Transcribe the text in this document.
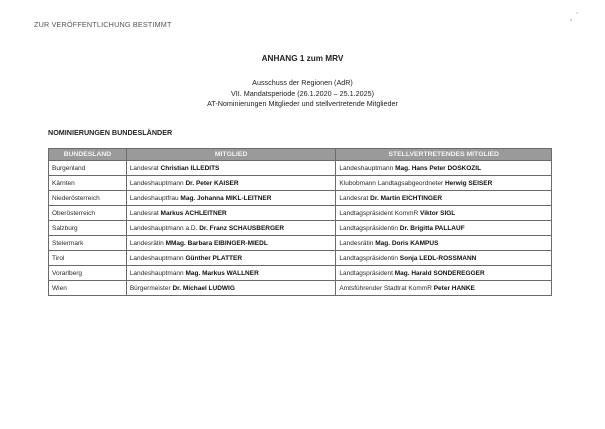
ZUR VERÖFFENTLICHUNG BESTIMMT
ANHANG 1 zum MRV
Ausschuss der Regionen (AdR)
VII. Mandatsperiode (26.1.2020 – 25.1.2025)
AT-Nominierungen Mitglieder und stellvertretende Mitglieder
NOMINIERUNGEN BUNDESLÄNDER
BUNDESLAND	MITGLIED	STELLVERTRETENDES MITGLIED
Burgenland	Landesrat Christian ILLEDITS	Landeshauptmann Mag. Hans Peter DOSKOZIL
Kärnten	Landeshauptmann Dr. Peter KAISER	Klubobmann Landtagsabgeordneter Herwig SEISER
Niederösterreich	Landeshauptfrau Mag. Johanna MIKL-LEITNER	Landesrat Dr. Martin EICHTINGER
Oberösterreich	Landesrat Markus ACHLEITNER	Landtagspräsident KommR Viktor SIGL
Salzburg	Landeshauptmann a.D. Dr. Franz SCHAUSBERGER	Landtagspräsidentin Dr. Brigitta PALLAUF
Steiermark	Landesrätin MMag. Barbara EIBINGER-MIEDL	Landesrätin Mag. Doris KAMPUS
Tirol	Landeshauptmann Günther PLATTER	Landtagspräsidentin Sonja LEDL-ROSSMANN
Vorarlberg	Landeshauptmann Mag. Markus WALLNER	Landtagspräsident Mag. Harald SONDEREGGER
Wien	Bürgermeister Dr. Michael LUDWIG	Amtsführender Stadtrat KommR Peter HANKE
